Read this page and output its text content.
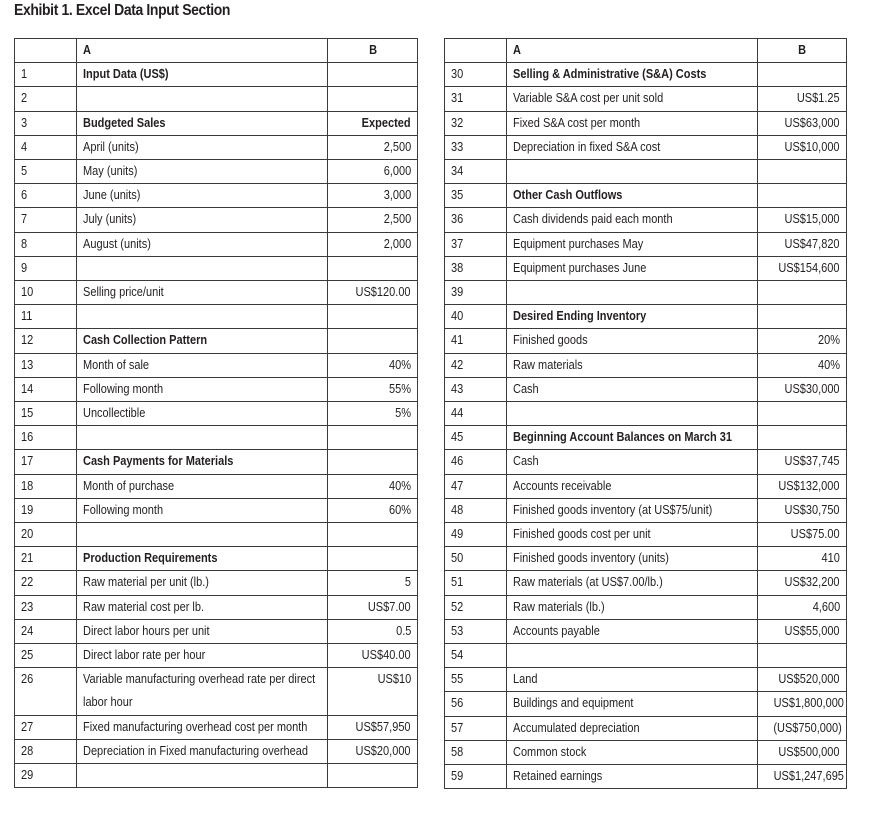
Exhibit 1. Excel Data Input Section
	A	B
1	Input Data (US$)	
2		
3	Budgeted Sales	Expected
4	April (units)	2,500
5	May (units)	6,000
6	June (units)	3,000
7	July (units)	2,500
8	August (units)	2,000
9		
10	Selling price/unit	US$120.00
11		
12	Cash Collection Pattern	
13	Month of sale	40%
14	Following month	55%
15	Uncollectible	5%
16		
17	Cash Payments for Materials	
18	Month of purchase	40%
19	Following month	60%
20		
21	Production Requirements	
22	Raw material per unit (lb.)	5
23	Raw material cost per lb.	US$7.00
24	Direct labor hours per unit	0.5
25	Direct labor rate per hour	US$40.00
26	Variable manufacturing overhead rate per direct labor hour	US$10
27	Fixed manufacturing overhead cost per month	US$57,950
28	Depreciation in Fixed manufacturing overhead	US$20,000
29		
	A	B
30	Selling & Administrative (S&A) Costs	
31	Variable S&A cost per unit sold	US$1.25
32	Fixed S&A cost per month	US$63,000
33	Depreciation in fixed S&A cost	US$10,000
34		
35	Other Cash Outflows	
36	Cash dividends paid each month	US$15,000
37	Equipment purchases May	US$47,820
38	Equipment purchases June	US$154,600
39		
40	Desired Ending Inventory	
41	Finished goods	20%
42	Raw materials	40%
43	Cash	US$30,000
44		
45	Beginning Account Balances on March 31	
46	Cash	US$37,745
47	Accounts receivable	US$132,000
48	Finished goods inventory (at US$75/unit)	US$30,750
49	Finished goods cost per unit	US$75.00
50	Finished goods inventory (units)	410
51	Raw materials (at US$7.00/lb.)	US$32,200
52	Raw materials (lb.)	4,600
53	Accounts payable	US$55,000
54		
55	Land	US$520,000
56	Buildings and equipment	US$1,800,000
57	Accumulated depreciation	(US$750,000)
58	Common stock	US$500,000
59	Retained earnings	US$1,247,695
